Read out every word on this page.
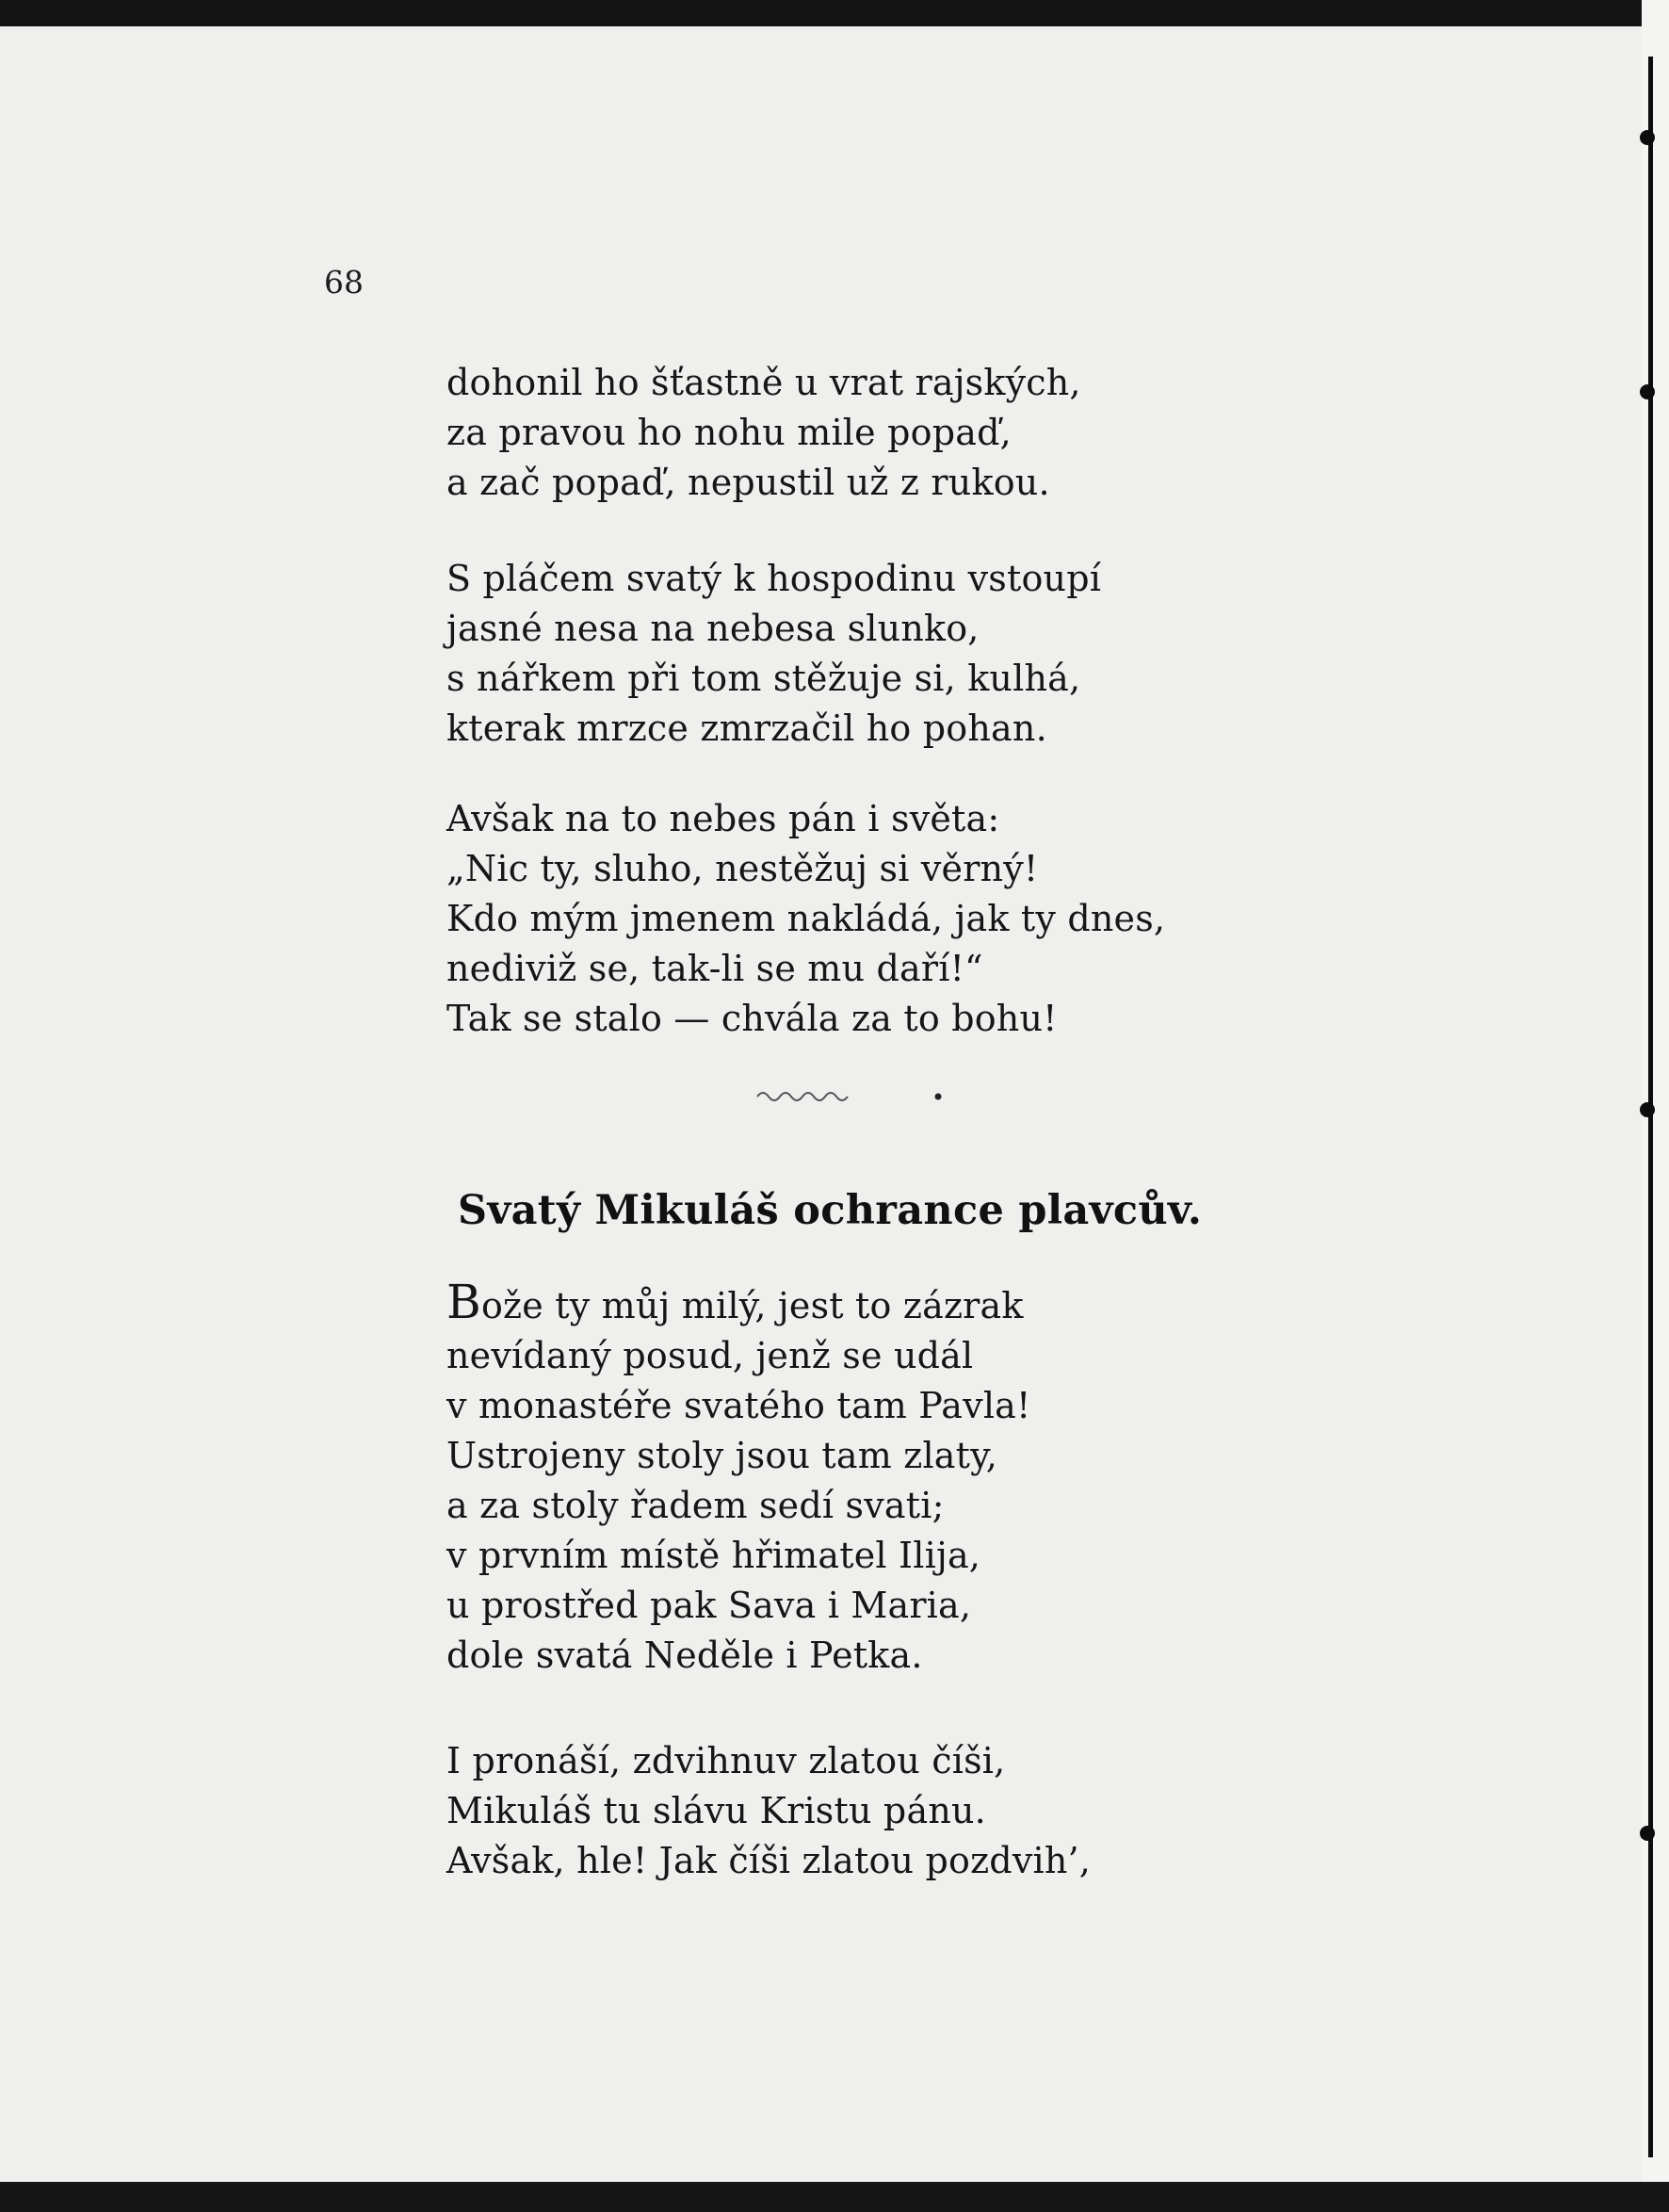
68

dohonil ho šťastně u vrat rajských,
za pravou ho nohu mile popaď,
a zač popaď, nepustil už z rukou.

S pláčem svatý k hospodinu vstoupí
jasné nesa na nebesa slunko,
s nářkem při tom stěžuje si, kulhá,
kterak mrzce zmrzačil ho pohan.

Avšak na to nebes pán i světa:
„Nic ty, sluho, nestěžuj si věrný!
Kdo mým jmenem nakládá, jak ty dnes,
nediviž se, tak-li se mu daří!“
Tak se stalo — chvála za to bohu!

Svatý Mikuláš ochrance plavcův.

Bože ty můj milý, jest to zázrak
nevídaný posud, jenž se udál
v monastéře svatého tam Pavla!
Ustrojeny stoly jsou tam zlaty,
a za stoly řadem sedí svati;
v prvním místě hřimatel Ilija,
u prostřed pak Sava i Maria,
dole svatá Neděle i Petka.

I pronáší, zdvihnuv zlatou číši,
Mikuláš tu slávu Kristu pánu.
Avšak, hle! Jak číši zlatou pozdvih’,
